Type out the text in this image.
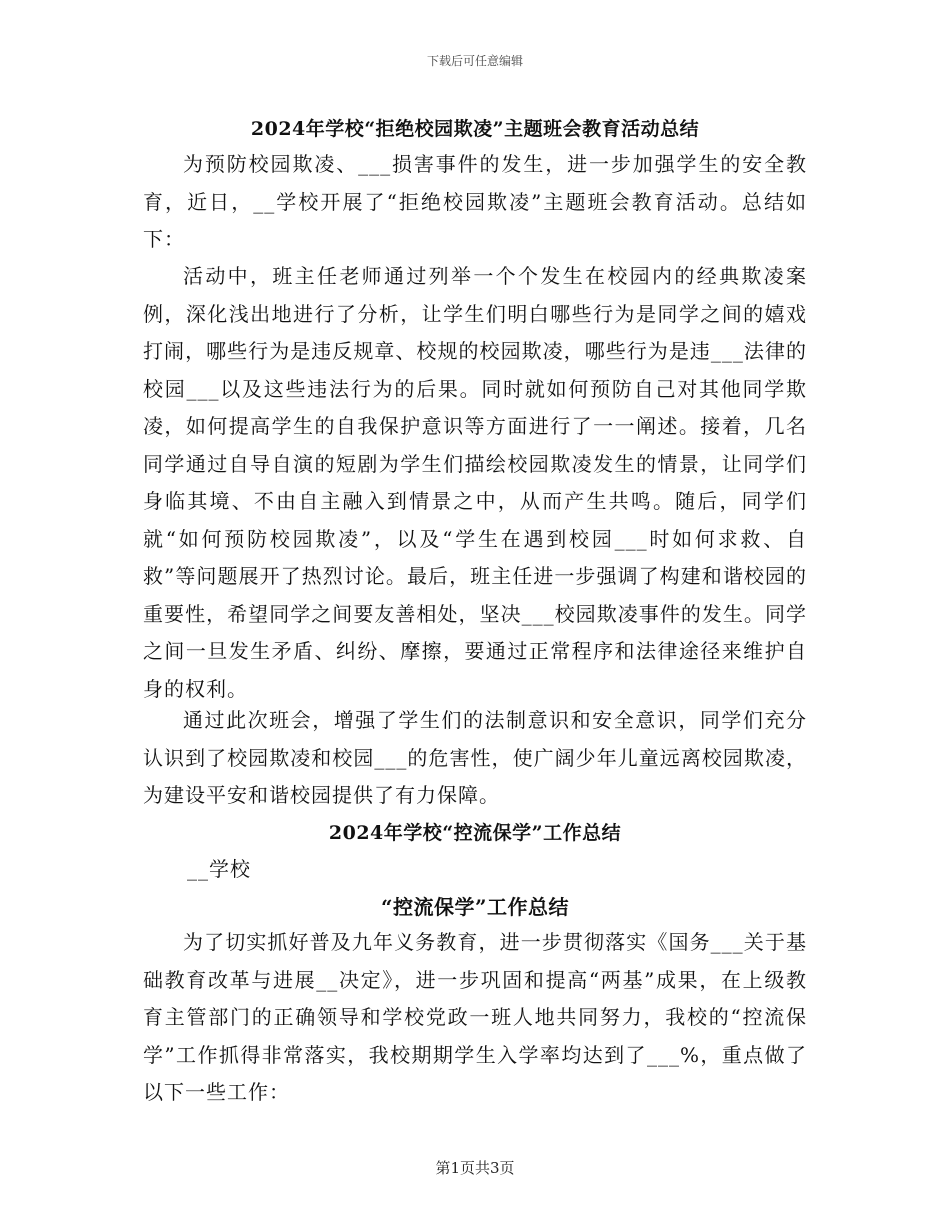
下载后可任意编辑
2024年学校“拒绝校园欺凌”主题班会教育活动总结

为预防校园欺凌、___损害事件的发生，进一步加强学生的安全教育，近日，__学校开展了“拒绝校园欺凌”主题班会教育活动。总结如下：

活动中，班主任老师通过列举一个个发生在校园内的经典欺凌案例，深化浅出地进行了分析，让学生们明白哪些行为是同学之间的嬉戏打闹，哪些行为是违反规章、校规的校园欺凌，哪些行为是违___法律的校园___以及这些违法行为的后果。同时就如何预防自己对其他同学欺凌，如何提高学生的自我保护意识等方面进行了一一阐述。接着，几名同学通过自导自演的短剧为学生们描绘校园欺凌发生的情景，让同学们身临其境、不由自主融入到情景之中，从而产生共鸣。随后，同学们就“如何预防校园欺凌”，以及“学生在遇到校园___时如何求救、自救”等问题展开了热烈讨论。最后，班主任进一步强调了构建和谐校园的重要性，希望同学之间要友善相处，坚决___校园欺凌事件的发生。同学之间一旦发生矛盾、纠纷、摩擦，要通过正常程序和法律途径来维护自身的权利。

通过此次班会，增强了学生们的法制意识和安全意识，同学们充分认识到了校园欺凌和校园___的危害性，使广阔少年儿童远离校园欺凌，为建设平安和谐校园提供了有力保障。

2024年学校“控流保学”工作总结
__学校
“控流保学”工作总结

为了切实抓好普及九年义务教育，进一步贯彻落实《国务___关于基础教育改革与进展__决定》，进一步巩固和提高“两基”成果，在上级教育主管部门的正确领导和学校党政一班人地共同努力，我校的“控流保学”工作抓得非常落实，我校期期学生入学率均达到了___%，重点做了以下一些工作：

第1页共3页
